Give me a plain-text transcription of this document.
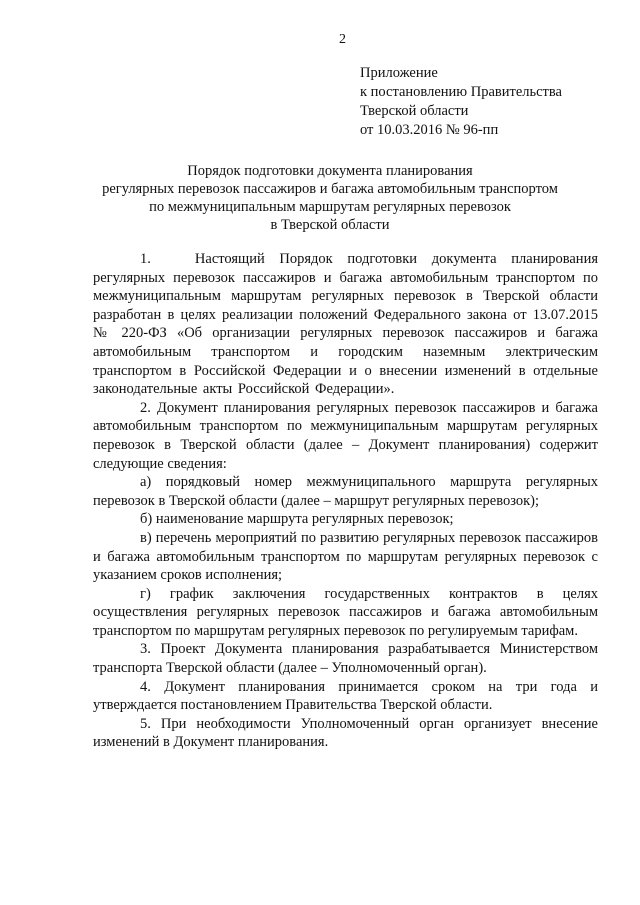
2
Приложение
к постановлению Правительства
Тверской области
от 10.03.2016 № 96-пп
Порядок подготовки документа планирования
регулярных перевозок пассажиров и багажа автомобильным транспортом
по межмуниципальным маршрутам регулярных перевозок
в Тверской области
1.   Настоящий Порядок подготовки документа планирования регулярных перевозок пассажиров и багажа автомобильным транспортом по межмуниципальным маршрутам регулярных перевозок в Тверской области разработан в целях реализации положений Федерального закона от 13.07.2015 № 220-ФЗ «Об организации регулярных перевозок пассажиров и багажа автомобильным транспортом и городским наземным электрическим транспортом в Российской Федерации и о внесении изменений в отдельные законодательные акты Российской Федерации».
2. Документ планирования регулярных перевозок пассажиров и багажа автомобильным транспортом по межмуниципальным маршрутам регулярных перевозок в Тверской области (далее – Документ планирования) содержит следующие сведения:
а) порядковый номер межмуниципального маршрута регулярных перевозок в Тверской области (далее – маршрут регулярных перевозок);
б) наименование маршрута регулярных перевозок;
в) перечень мероприятий по развитию регулярных перевозок пассажиров и багажа автомобильным транспортом по маршрутам регулярных перевозок с указанием сроков исполнения;
г) график заключения государственных контрактов в целях осуществления регулярных перевозок пассажиров и багажа автомобильным транспортом по маршрутам регулярных перевозок по регулируемым тарифам.
3. Проект Документа планирования разрабатывается Министерством транспорта Тверской области (далее – Уполномоченный орган).
4. Документ планирования принимается сроком на три года и утверждается постановлением Правительства Тверской области.
5. При необходимости Уполномоченный орган организует внесение изменений в Документ планирования.
